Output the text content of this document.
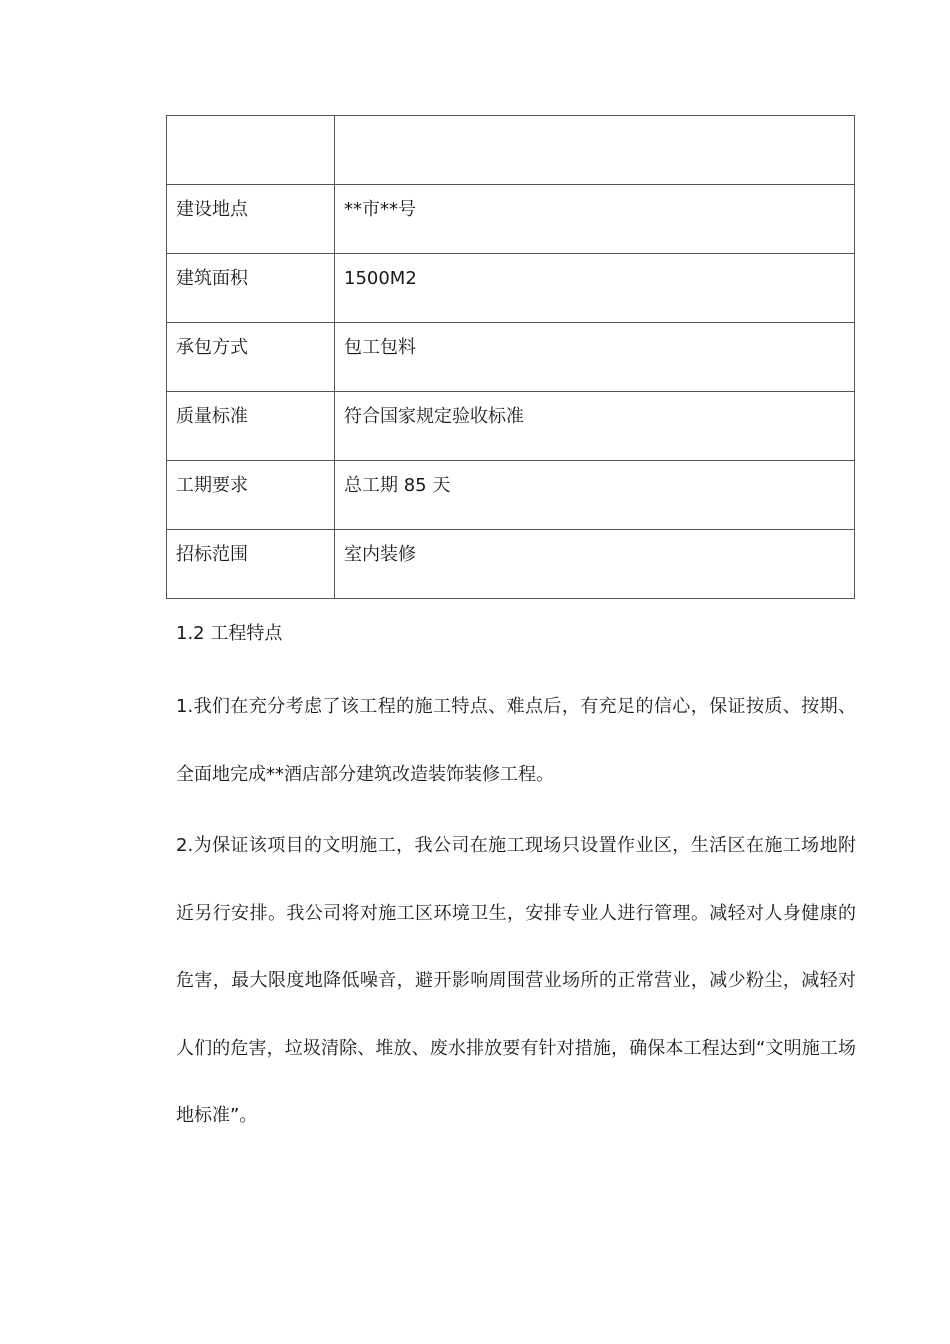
建设地点	**市**号
建筑面积	1500M2
承包方式	包工包料
质量标准	符合国家规定验收标准
工期要求	总工期 85 天
招标范围	室内装修
1.2 工程特点

1.我们在充分考虑了该工程的施工特点、难点后，有充足的信心，保证按质、按期、全面地完成**酒店部分建筑改造装饰装修工程。

2.为保证该项目的文明施工，我公司在施工现场只设置作业区，生活区在施工场地附近另行安排。我公司将对施工区环境卫生，安排专业人进行管理。减轻对人身健康的危害，最大限度地降低噪音，避开影响周围营业场所的正常营业，减少粉尘，减轻对人们的危害，垃圾清除、堆放、废水排放要有针对措施，确保本工程达到“文明施工场地标准”。
